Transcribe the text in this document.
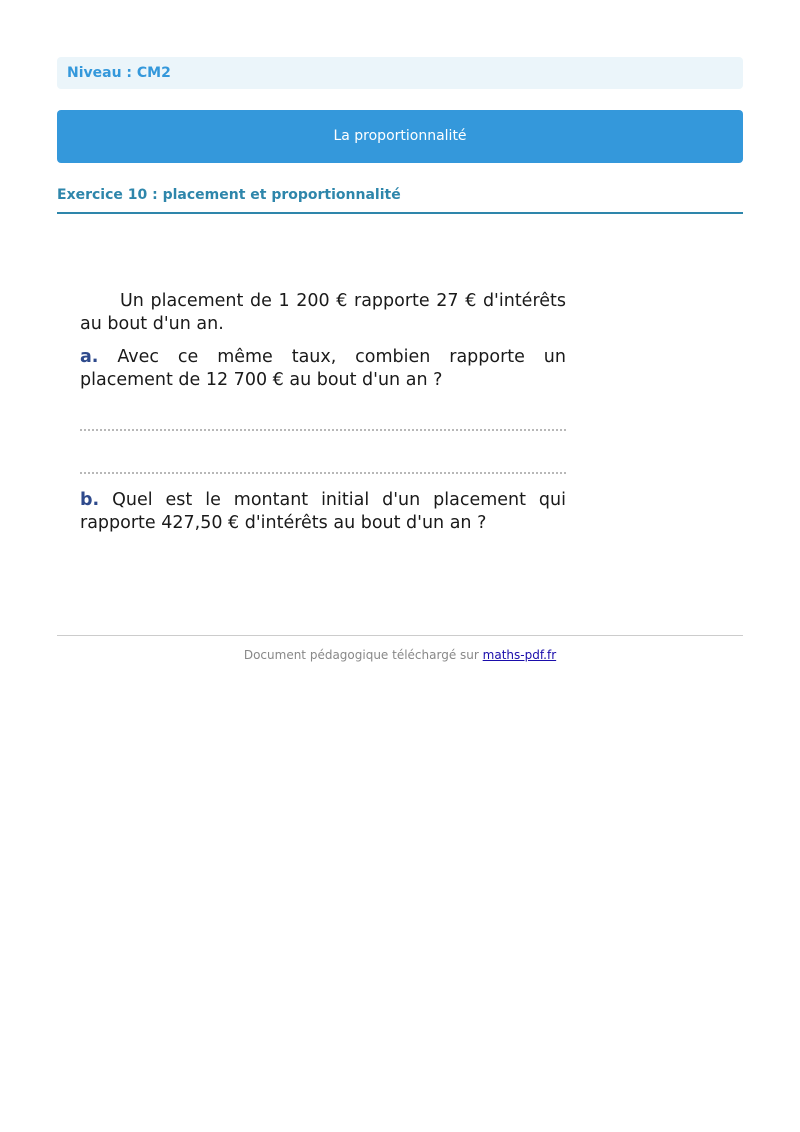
Niveau : CM2
La proportionnalité
Exercice 10 : placement et proportionnalité

Un placement de 1 200 € rapporte 27 € d'intérêts au bout d'un an.

a. Avec ce même taux, combien rapporte un placement de 12 700 € au bout d'un an ?

b. Quel est le montant initial d'un placement qui rapporte 427,50 € d'intérêts au bout d'un an ?

Document pédagogique téléchargé sur maths-pdf.fr
